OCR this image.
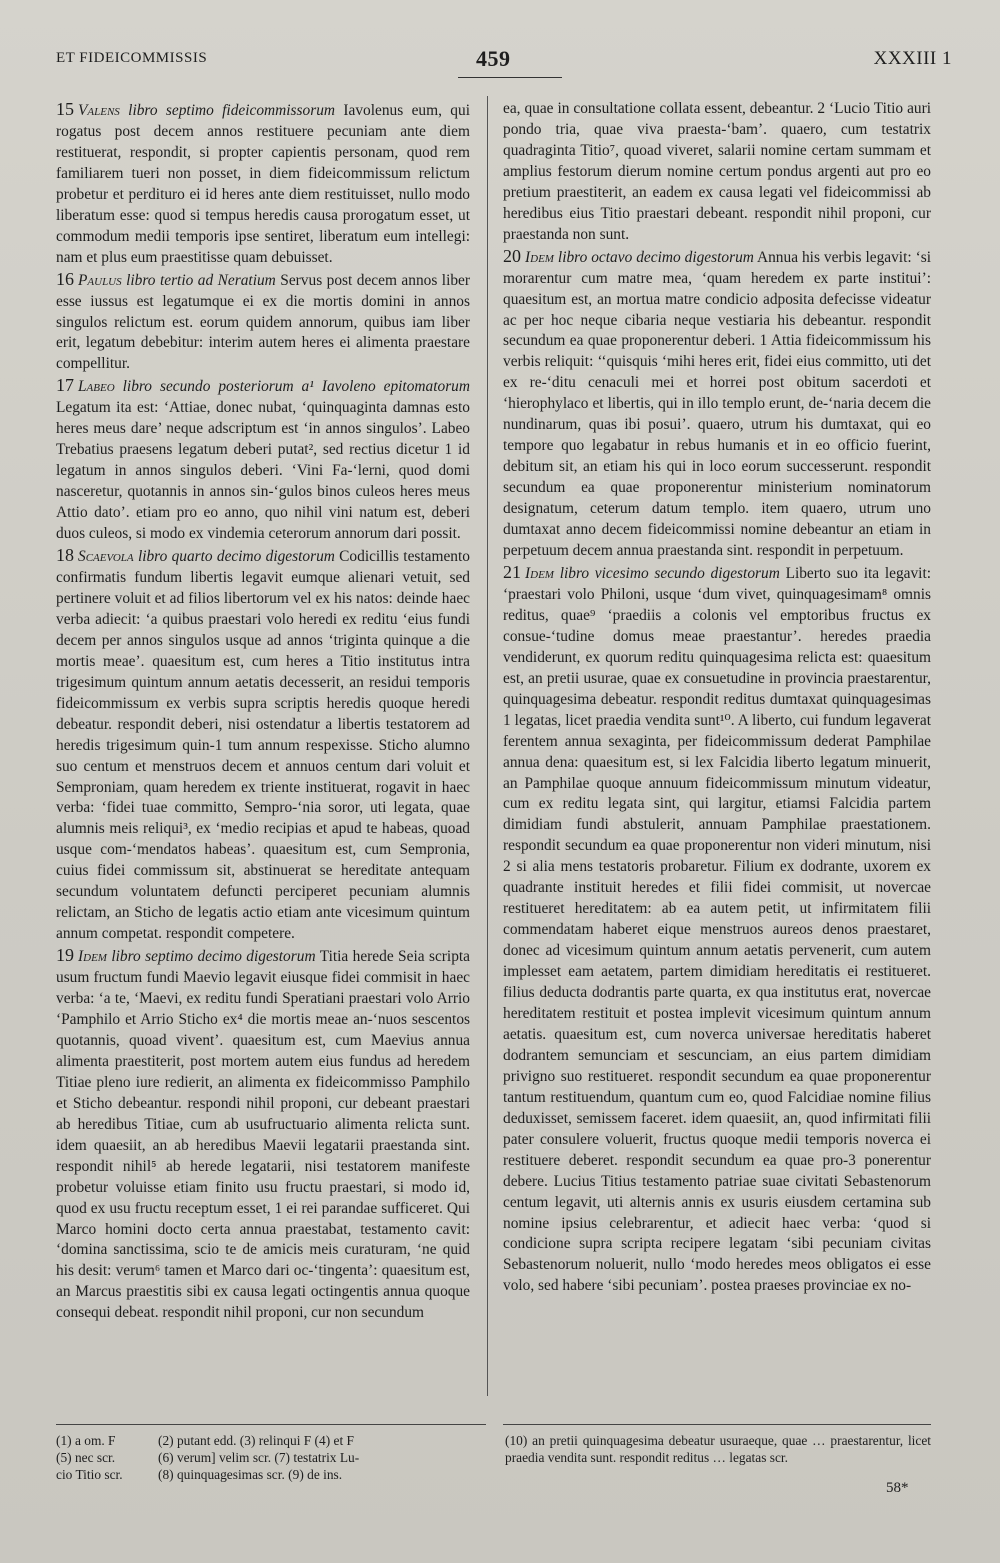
ET FIDEICOMMISSIS	459	XXXIII 1

15 Valens libro septimo fideicommissorum Iavolenus eum, qui rogatus post decem annos restituere pecuniam ante diem restituerat, respondit, si propter capientis personam, quod rem familiarem tueri non posset, in diem fideicommissum relictum probetur et perdituro ei id heres ante diem restituisset, nullo modo liberatum esse: quod si tempus heredis causa prorogatum esset, ut commodum medii temporis ipse sentiret, liberatum eum intellegi: nam et plus eum praestitisse quam debuisset.

16 Paulus libro tertio ad Neratium Servus post decem annos liber esse iussus est legatumque ei ex die mortis domini in annos singulos relictum est. eorum quidem annorum, quibus iam liber erit, legatum debebitur: interim autem heres ei alimenta praestare compellitur.

17 Labeo libro secundo posteriorum a¹ Iavoleno epitomatorum Legatum ita est: ‘Attiae, donec nubat, ‘quinquaginta damnas esto heres meus dare’ neque adscriptum est ‘in annos singulos’. Labeo Trebatius praesens legatum deberi putat², sed rectius dicetur 1 id legatum in annos singulos deberi. ‘Vini Fa-‘lerni, quod domi nasceretur, quotannis in annos sin-‘gulos binos culeos heres meus Attio dato’. etiam pro eo anno, quo nihil vini natum est, deberi duos culeos, si modo ex vindemia ceterorum annorum dari possit.

18 Scaevola libro quarto decimo digestorum Codicillis testamento confirmatis fundum libertis legavit eumque alienari vetuit, sed pertinere voluit et ad filios libertorum vel ex his natos: deinde haec verba adiecit: ‘a quibus praestari volo heredi ex reditu ‘eius fundi decem per annos singulos usque ad annos ‘triginta quinque a die mortis meae’. quaesitum est, cum heres a Titio institutus intra trigesimum quintum annum aetatis decesserit, an residui temporis fideicommissum ex verbis supra scriptis heredis quoque heredi debeatur. respondit deberi, nisi ostendatur a libertis testatorem ad heredis trigesimum quin-1 tum annum respexisse. Sticho alumno suo centum et menstruos decem et annuos centum dari voluit et Semproniam, quam heredem ex triente instituerat, rogavit in haec verba: ‘fidei tuae committo, Sempro-‘nia soror, uti legata, quae alumnis meis reliqui³, ex ‘medio recipias et apud te habeas, quoad usque com-‘mendatos habeas’. quaesitum est, cum Sempronia, cuius fidei commissum sit, abstinuerat se hereditate antequam secundum voluntatem defuncti perciperet pecuniam alumnis relictam, an Sticho de legatis actio etiam ante vicesimum quintum annum competat. respondit competere.

19 Idem libro septimo decimo digestorum Titia herede Seia scripta usum fructum fundi Maevio legavit eiusque fidei commisit in haec verba: ‘a te, ‘Maevi, ex reditu fundi Speratiani praestari volo Arrio ‘Pamphilo et Arrio Sticho ex⁴ die mortis meae an-‘nuos sescentos quotannis, quoad vivent’. quaesitum est, cum Maevius annua alimenta praestiterit, post mortem autem eius fundus ad heredem Titiae pleno iure redierit, an alimenta ex fideicommisso Pamphilo et Sticho debeantur. respondi nihil proponi, cur debeant praestari ab heredibus Titiae, cum ab usufructuario alimenta relicta sunt. idem quaesiit, an ab heredibus Maevii legatarii praestanda sint. respondit nihil⁵ ab herede legatarii, nisi testatorem manifeste probetur voluisse etiam finito usu fructu praestari, si modo id, quod ex usu fructu receptum esset, 1 ei rei parandae sufficeret. Qui Marco homini docto certa annua praestabat, testamento cavit: ‘domina sanctissima, scio te de amicis meis curaturam, ‘ne quid his desit: verum⁶ tamen et Marco dari oc-‘tingenta’: quaesitum est, an Marcus praestitis sibi ex causa legati octingentis annua quoque consequi debeat. respondit nihil proponi, cur non secundum

ea, quae in consultatione collata essent, debeantur. 2 ‘Lucio Titio auri pondo tria, quae viva praesta-‘bam’. quaero, cum testatrix quadraginta Titio⁷, quoad viveret, salarii nomine certam summam et amplius festorum dierum nomine certum pondus argenti aut pro eo pretium praestiterit, an eadem ex causa legati vel fideicommissi ab heredibus eius Titio praestari debeant. respondit nihil proponi, cur praestanda non sunt.

20 Idem libro octavo decimo digestorum Annua his verbis legavit: ‘si morarentur cum matre mea, ‘quam heredem ex parte institui’: quaesitum est, an mortua matre condicio adposita defecisse videatur ac per hoc neque cibaria neque vestiaria his debeantur. respondit secundum ea quae proponerentur deberi. 1 Attia fideicommissum his verbis reliquit: ‘‘quisquis ‘mihi heres erit, fidei eius committo, uti det ex re-‘ditu cenaculi mei et horrei post obitum sacerdoti et ‘hierophylaco et libertis, qui in illo templo erunt, de-‘naria decem die nundinarum, quas ibi posui’. quaero, utrum his dumtaxat, qui eo tempore quo legabatur in rebus humanis et in eo officio fuerint, debitum sit, an etiam his qui in loco eorum successerunt. respondit secundum ea quae proponerentur ministerium nominatorum designatum, ceterum datum templo. item quaero, utrum uno dumtaxat anno decem fideicommissi nomine debeantur an etiam in perpetuum decem annua praestanda sint. respondit in perpetuum.

21 Idem libro vicesimo secundo digestorum Liberto suo ita legavit: ‘praestari volo Philoni, usque ‘dum vivet, quinquagesimam⁸ omnis reditus, quae⁹ ‘praediis a colonis vel emptoribus fructus ex consue-‘tudine domus meae praestantur’. heredes praedia vendiderunt, ex quorum reditu quinquagesima relicta est: quaesitum est, an pretii usurae, quae ex consuetudine in provincia praestarentur, quinquagesima debeatur. respondit reditus dumtaxat quinquagesimas 1 legatas, licet praedia vendita sunt¹⁰. A liberto, cui fundum legaverat ferentem annua sexaginta, per fideicommissum dederat Pamphilae annua dena: quaesitum est, si lex Falcidia liberto legatum minuerit, an Pamphilae quoque annuum fideicommissum minutum videatur, cum ex reditu legata sint, qui largitur, etiamsi Falcidia partem dimidiam fundi abstulerit, annuam Pamphilae praestationem. respondit secundum ea quae proponerentur non videri minutum, nisi 2 si alia mens testatoris probaretur. Filium ex dodrante, uxorem ex quadrante instituit heredes et filii fidei commisit, ut novercae restitueret hereditatem: ab ea autem petit, ut infirmitatem filii commendatam haberet eique menstruos aureos denos praestaret, donec ad vicesimum quintum annum aetatis pervenerit, cum autem implesset eam aetatem, partem dimidiam hereditatis ei restitueret. filius deducta dodrantis parte quarta, ex qua institutus erat, novercae hereditatem restituit et postea implevit vicesimum quintum annum aetatis. quaesitum est, cum noverca universae hereditatis haberet dodrantem semunciam et sescunciam, an eius partem dimidiam privigno suo restitueret. respondit secundum ea quae proponerentur tantum restituendum, quantum cum eo, quod Falcidiae nomine filius deduxisset, semissem faceret. idem quaesiit, an, quod infirmitati filii pater consulere voluerit, fructus quoque medii temporis noverca ei restituere deberet. respondit secundum ea quae pro-3 ponerentur debere. Lucius Titius testamento patriae suae civitati Sebastenorum centum legavit, uti alternis annis ex usuris eiusdem certamina sub nomine ipsius celebrarentur, et adiecit haec verba: ‘quod si condicione supra scripta recipere legatam ‘sibi pecuniam civitas Sebastenorum noluerit, nullo ‘modo heredes meos obligatos ei esse volo, sed habere ‘sibi pecuniam’. postea praeses provinciae ex no-

(1) a om. F
(5) nec scr.
cio Titio scr.
(2) putant edd. (3) relinqui F (4) et F
(6) verum] velim scr. (7) testatrix Lu-
(8) quinquagesimas scr. (9) de ins.
(10) an pretii quinquagesima debeatur usuraeque, quae … praestarentur, licet praedia vendita sunt. respondit reditus … legatas scr.
58*
